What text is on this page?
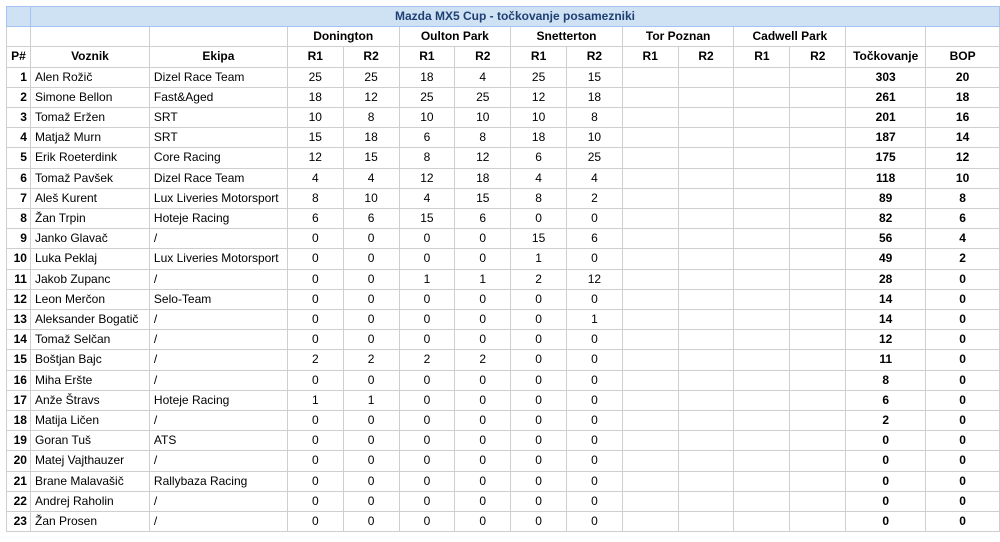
	Mazda MX5 Cup - točkovanje posamezniki													
			Donington		Oulton Park		Snetterton		Tor Poznan		Cadwell Park			
P#	Voznik	Ekipa	R1	R2	R1	R2	R1	R2	R1	R2	R1	R2	Točkovanje	BOP
1	Alen Rožič	Dizel Race Team	25	25	18	4	25	15					303	20
2	Simone Bellon	Fast&Aged	18	12	25	25	12	18					261	18
3	Tomaž Eržen	SRT	10	8	10	10	10	8					201	16
4	Matjaž Murn	SRT	15	18	6	8	18	10					187	14
5	Erik Roeterdink	Core Racing	12	15	8	12	6	25					175	12
6	Tomaž Pavšek	Dizel Race Team	4	4	12	18	4	4					118	10
7	Aleš Kurent	Lux Liveries Motorsport	8	10	4	15	8	2					89	8
8	Žan Trpin	Hoteje Racing	6	6	15	6	0	0					82	6
9	Janko Glavač	/	0	0	0	0	15	6					56	4
10	Luka Peklaj	Lux Liveries Motorsport	0	0	0	0	1	0					49	2
11	Jakob Zupanc	/	0	0	1	1	2	12					28	0
12	Leon Merčon	Selo-Team	0	0	0	0	0	0					14	0
13	Aleksander Bogatič	/	0	0	0	0	0	1					14	0
14	Tomaž Selčan	/	0	0	0	0	0	0					12	0
15	Boštjan Bajc	/	2	2	2	2	0	0					11	0
16	Miha Eršte	/	0	0	0	0	0	0					8	0
17	Anže Štravs	Hoteje Racing	1	1	0	0	0	0					6	0
18	Matija Ličen	/	0	0	0	0	0	0					2	0
19	Goran Tuš	ATS	0	0	0	0	0	0					0	0
20	Matej Vajthauzer	/	0	0	0	0	0	0					0	0
21	Brane Malavašič	Rallybaza Racing	0	0	0	0	0	0					0	0
22	Andrej Raholin	/	0	0	0	0	0	0					0	0
23	Žan Prosen	/	0	0	0	0	0	0					0	0
